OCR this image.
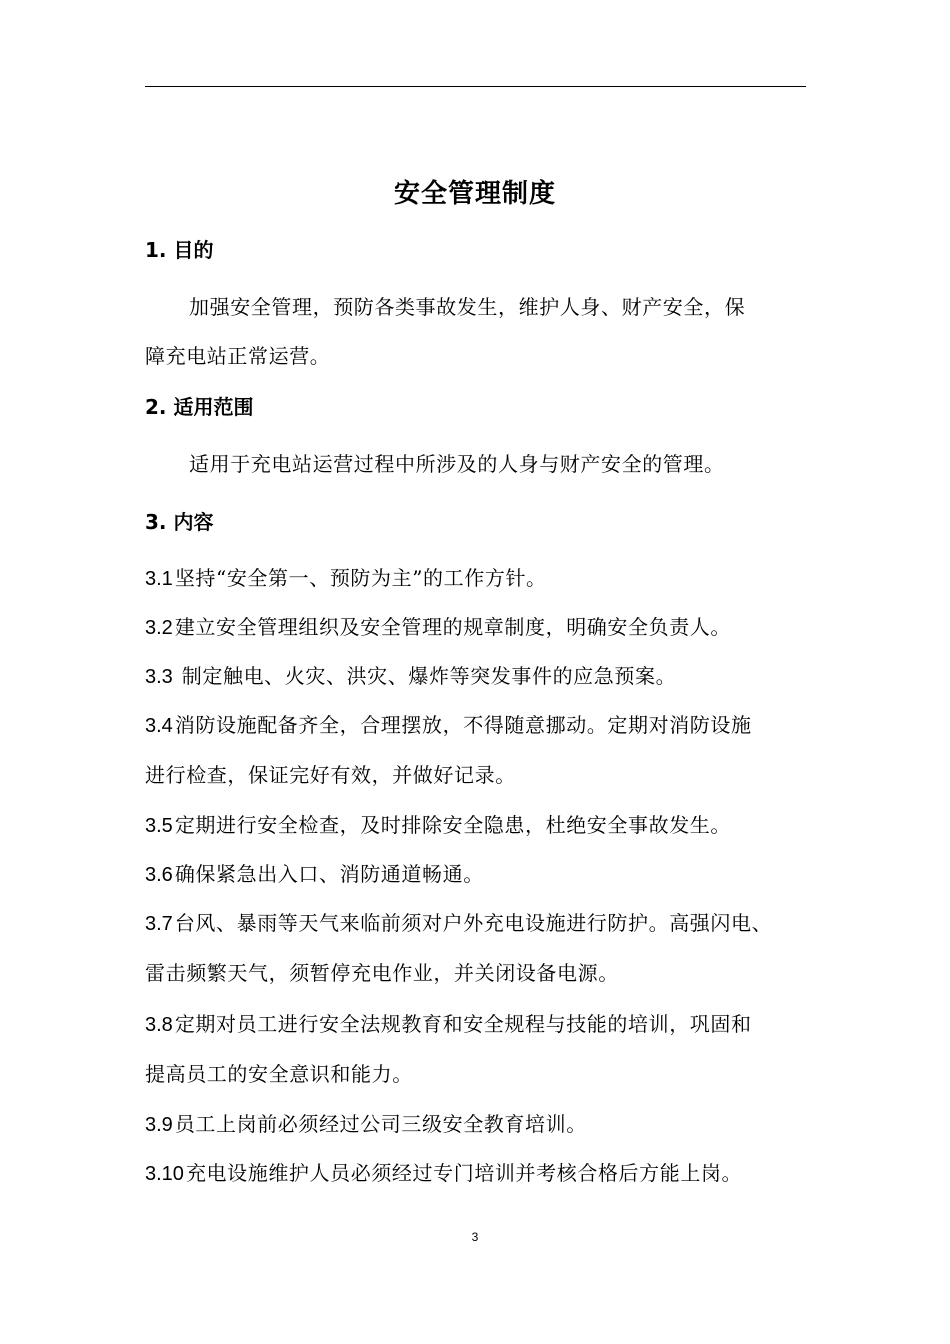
安全管理制度
1. 目的
加强安全管理，预防各类事故发生，维护人身、财产安全，保
障充电站正常运营。
2. 适用范围
适用于充电站运营过程中所涉及的人身与财产安全的管理。
3. 内容
3.1 坚持“安全第一、预防为主”的工作方针。
3.2 建立安全管理组织及安全管理的规章制度，明确安全负责人。
3.3 制定触电、火灾、洪灾、爆炸等突发事件的应急预案。
3.4 消防设施配备齐全，合理摆放，不得随意挪动。定期对消防设施
进行检查，保证完好有效，并做好记录。
3.5 定期进行安全检查，及时排除安全隐患，杜绝安全事故发生。
3.6 确保紧急出入口、消防通道畅通。
3.7 台风、暴雨等天气来临前须对户外充电设施进行防护。高强闪电、
雷击频繁天气，须暂停充电作业，并关闭设备电源。
3.8 定期对员工进行安全法规教育和安全规程与技能的培训，巩固和
提高员工的安全意识和能力。
3.9 员工上岗前必须经过公司三级安全教育培训。
3.10 充电设施维护人员必须经过专门培训并考核合格后方能上岗。
3
